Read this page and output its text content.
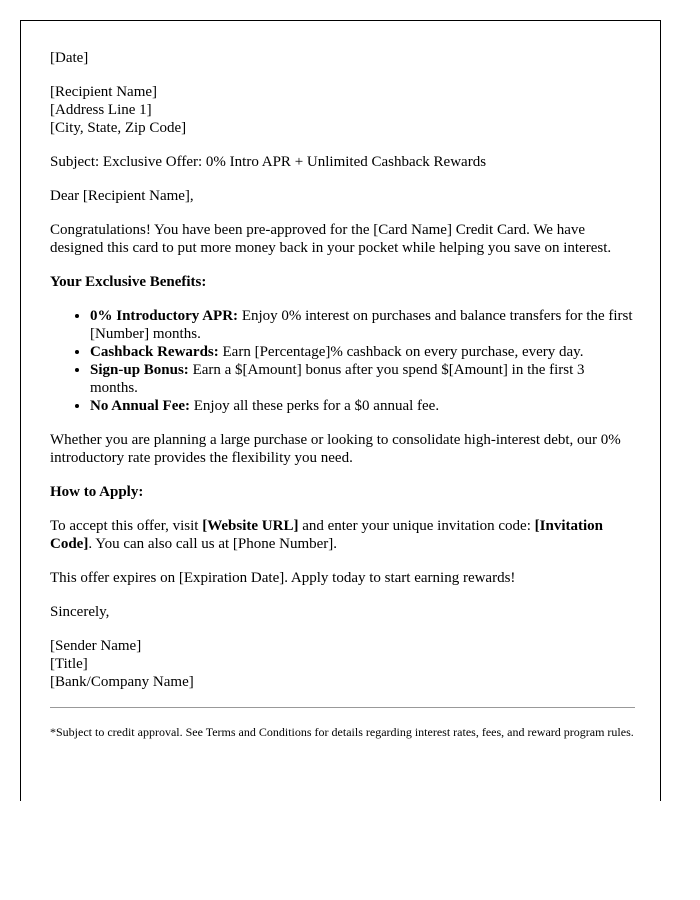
[Date]

[Recipient Name]

[Address Line 1]

[City, State, Zip Code]

Subject: Exclusive Offer: 0% Intro APR + Unlimited Cashback Rewards

Dear [Recipient Name],

Congratulations! You have been pre-approved for the [Card Name] Credit Card. We have designed this card to put more money back in your pocket while helping you save on interest.

Your Exclusive Benefits:

• 0% Introductory APR: Enjoy 0% interest on purchases and balance transfers for the first [Number] months.
• Cashback Rewards: Earn [Percentage]% cashback on every purchase, every day.
• Sign-up Bonus: Earn a $[Amount] bonus after you spend $[Amount] in the first 3 months.
• No Annual Fee: Enjoy all these perks for a $0 annual fee.

Whether you are planning a large purchase or looking to consolidate high-interest debt, our 0% introductory rate provides the flexibility you need.

How to Apply:

To accept this offer, visit [Website URL] and enter your unique invitation code: [Invitation Code]. You can also call us at [Phone Number].

This offer expires on [Expiration Date]. Apply today to start earning rewards!

Sincerely,

[Sender Name]

[Title]

[Bank/Company Name]

*Subject to credit approval. See Terms and Conditions for details regarding interest rates, fees, and reward program rules.
